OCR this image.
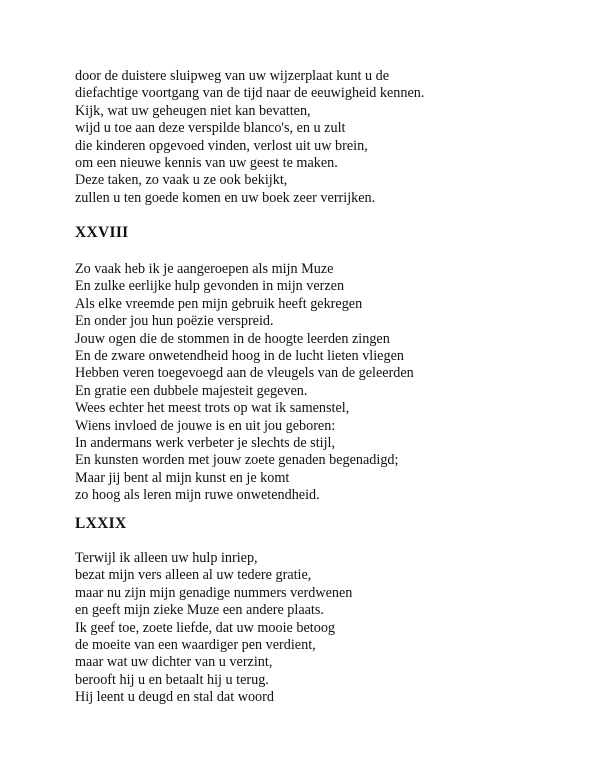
door de duistere sluipweg van uw wijzerplaat kunt u de
diefachtige voortgang van de tijd naar de eeuwigheid kennen.
Kijk, wat uw geheugen niet kan bevatten,
wijd u toe aan deze verspilde blanco's, en u zult
die kinderen opgevoed vinden, verlost uit uw brein,
om een nieuwe kennis van uw geest te maken.
Deze taken, zo vaak u ze ook bekijkt,
zullen u ten goede komen en uw boek zeer verrijken.
XXVIII
Zo vaak heb ik je aangeroepen als mijn Muze
En zulke eerlijke hulp gevonden in mijn verzen
Als elke vreemde pen mijn gebruik heeft gekregen
En onder jou hun poëzie verspreid.
Jouw ogen die de stommen in de hoogte leerden zingen
En de zware onwetendheid hoog in de lucht lieten vliegen
Hebben veren toegevoegd aan de vleugels van de geleerden
En gratie een dubbele majesteit gegeven.
Wees echter het meest trots op wat ik samenstel,
Wiens invloed de jouwe is en uit jou geboren:
In andermans werk verbeter je slechts de stijl,
En kunsten worden met jouw zoete genaden begenadigd;
Maar jij bent al mijn kunst en je komt
zo hoog als leren mijn ruwe onwetendheid.
LXXIX
Terwijl ik alleen uw hulp inriep,
bezat mijn vers alleen al uw tedere gratie,
maar nu zijn mijn genadige nummers verdwenen
en geeft mijn zieke Muze een andere plaats.
Ik geef toe, zoete liefde, dat uw mooie betoog
de moeite van een waardiger pen verdient,
maar wat uw dichter van u verzint,
berooft hij u en betaalt hij u terug.
Hij leent u deugd en stal dat woord
